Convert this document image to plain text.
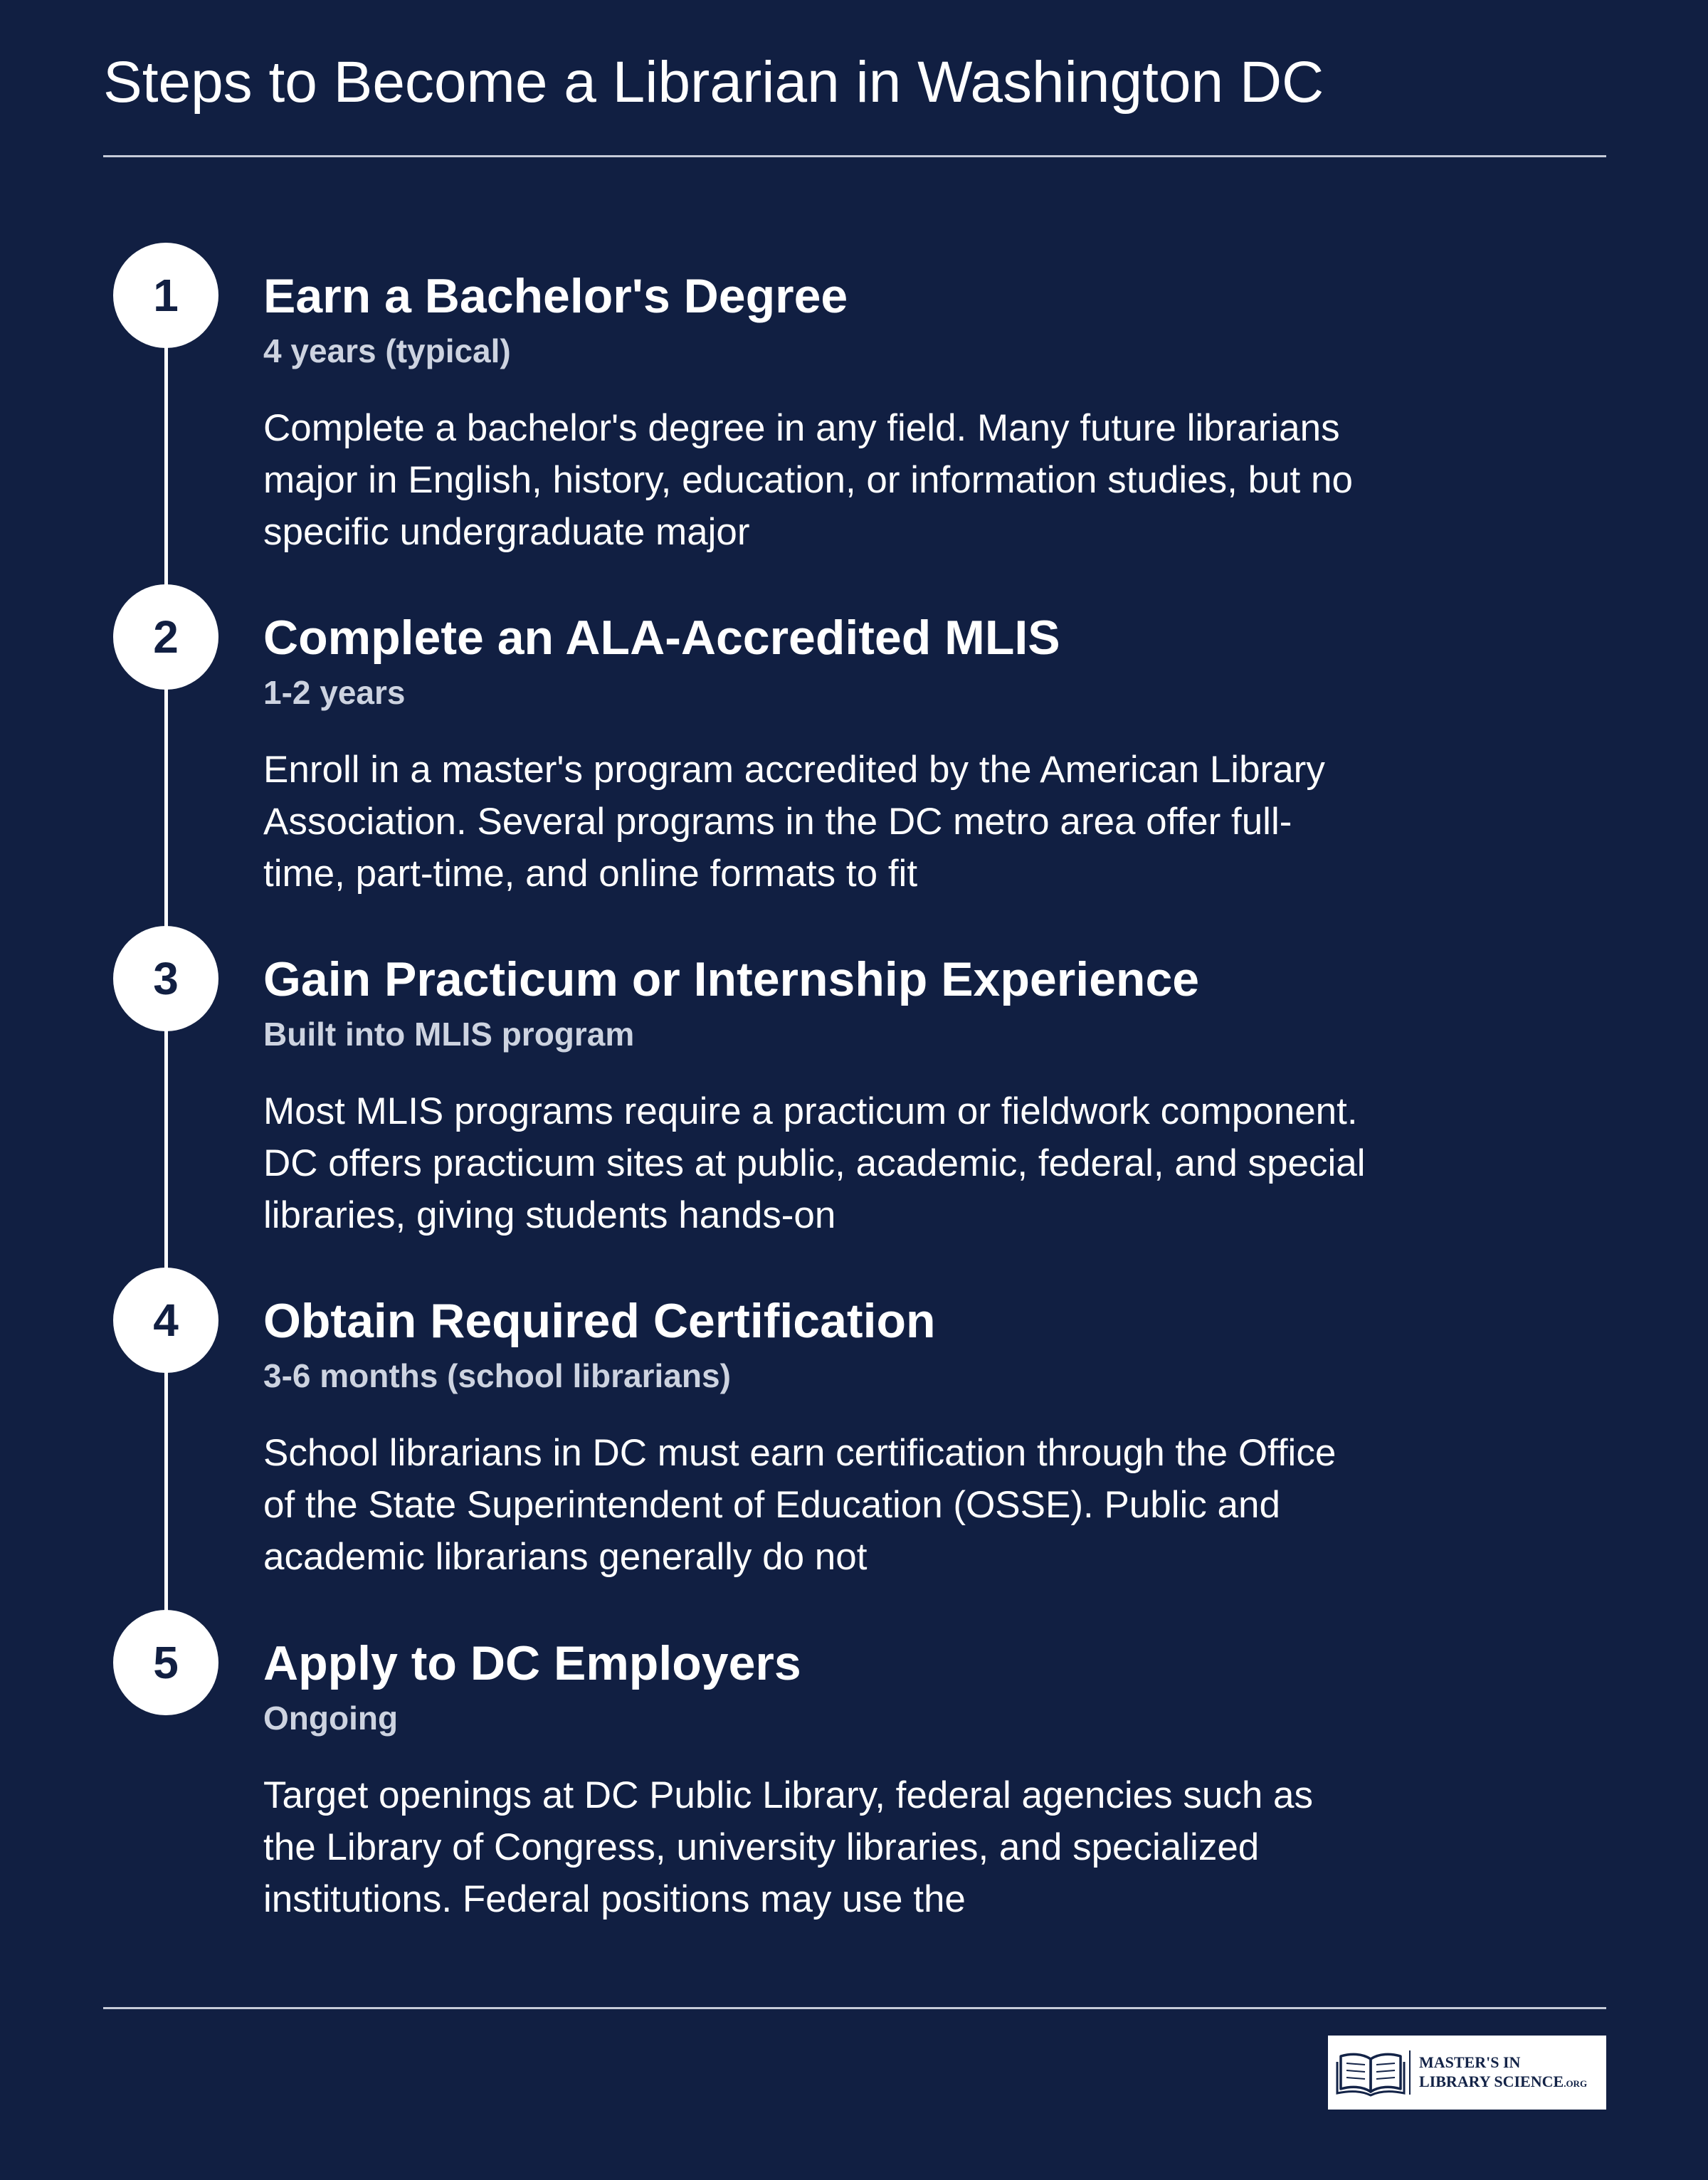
Steps to Become a Librarian in Washington DC
1	Earn a Bachelor's Degree
4 years (typical)
Complete a bachelor's degree in any field. Many future librarians major in English, history, education, or information studies, but no specific undergraduate major
2	Complete an ALA-Accredited MLIS
1-2 years
Enroll in a master's program accredited by the American Library Association. Several programs in the DC metro area offer full-time, part-time, and online formats to fit
3	Gain Practicum or Internship Experience
Built into MLIS program
Most MLIS programs require a practicum or fieldwork component. DC offers practicum sites at public, academic, federal, and special libraries, giving students hands-on
4	Obtain Required Certification
3-6 months (school librarians)
School librarians in DC must earn certification through the Office of the State Superintendent of Education (OSSE). Public and academic librarians generally do not
5	Apply to DC Employers
Ongoing
Target openings at DC Public Library, federal agencies such as the Library of Congress, university libraries, and specialized institutions. Federal positions may use the
MASTER'S IN
LIBRARY SCIENCE.ORG
